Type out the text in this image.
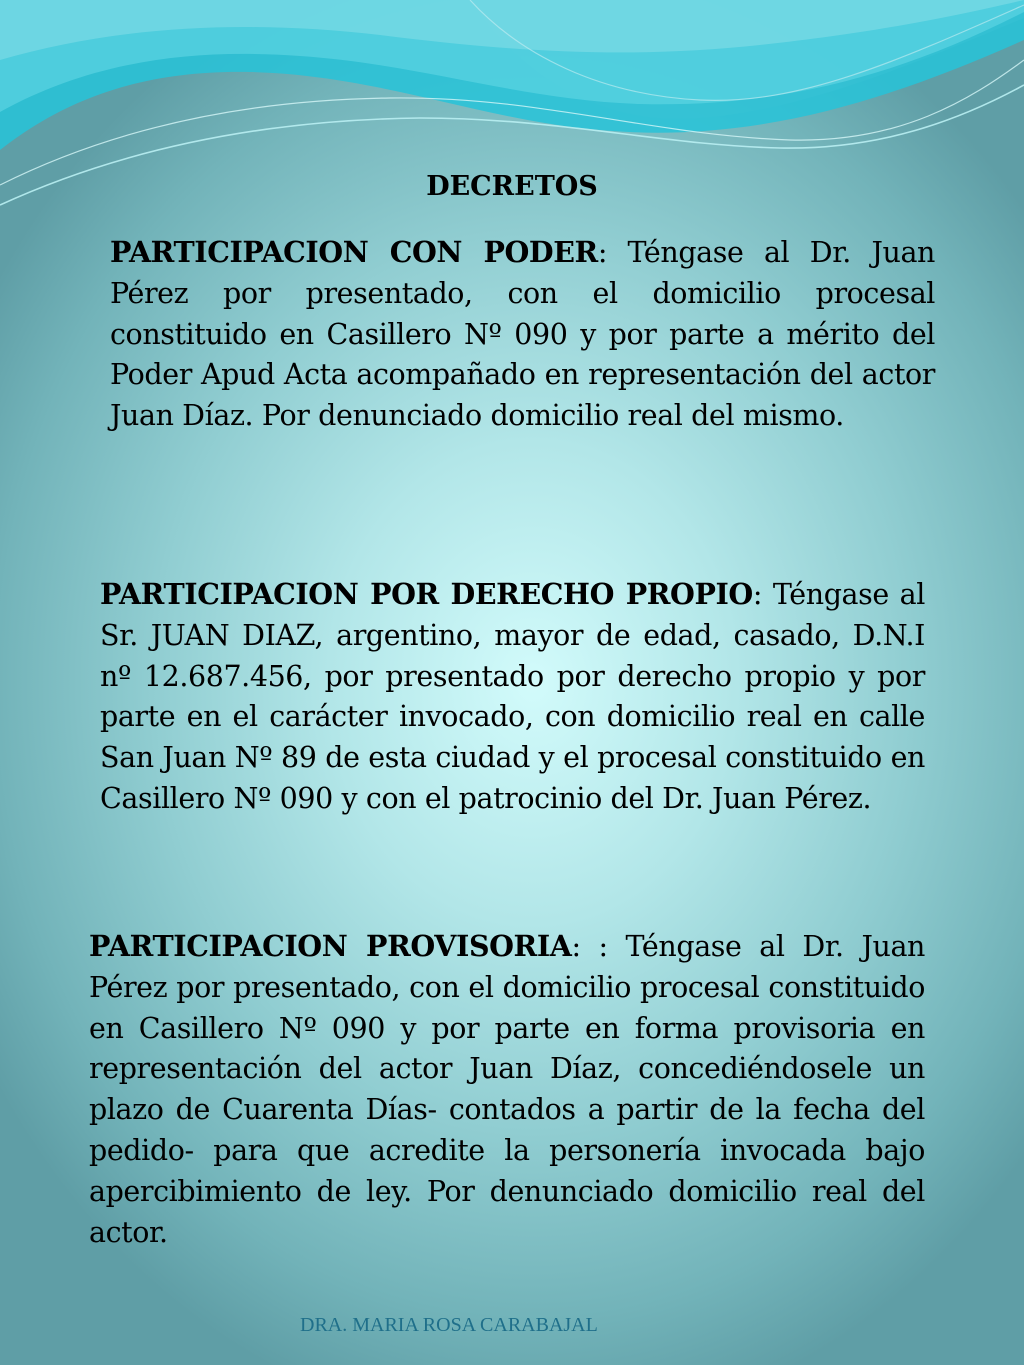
DECRETOS

PARTICIPACION CON PODER: Téngase al Dr. Juan Pérez por presentado, con el domicilio procesal constituido en Casillero Nº 090 y por parte a mérito del Poder Apud Acta acompañado en representación del actor Juan Díaz. Por denunciado domicilio real del mismo.

PARTICIPACION POR DERECHO PROPIO: Téngase al Sr. JUAN DIAZ, argentino, mayor de edad, casado, D.N.I nº 12.687.456, por presentado por derecho propio y por parte en el carácter invocado, con domicilio real en calle San Juan Nº 89 de esta ciudad y el procesal constituido en Casillero Nº 090 y con el patrocinio del Dr. Juan Pérez.

PARTICIPACION PROVISORIA: : Téngase al Dr. Juan Pérez por presentado, con el domicilio procesal constituido en Casillero Nº 090 y por parte en forma provisoria en representación del actor Juan Díaz, concediéndosele un plazo de Cuarenta Días- contados a partir de la fecha del pedido- para que acredite la personería invocada bajo apercibimiento de ley. Por denunciado domicilio real del actor.

DRA. MARIA ROSA CARABAJAL
